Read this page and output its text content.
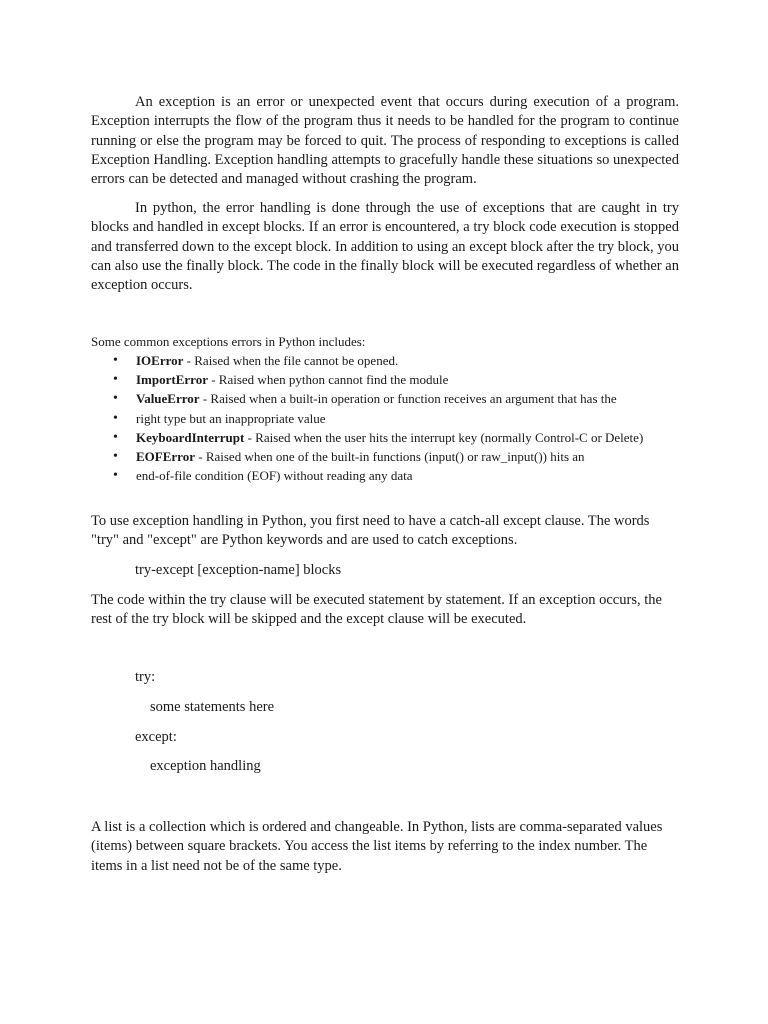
An exception is an error or unexpected event that occurs during execution of a program. Exception interrupts the flow of the program thus it needs to be handled for the program to continue running or else the program may be forced to quit. The process of responding to exceptions is called Exception Handling. Exception handling attempts to gracefully handle these situations so unexpected errors can be detected and managed without crashing the program.

In python, the error handling is done through the use of exceptions that are caught in try blocks and handled in except blocks. If an error is encountered, a try block code execution is stopped and transferred down to the except block. In addition to using an except block after the try block, you can also use the finally block. The code in the finally block will be executed regardless of whether an exception occurs.

Some common exceptions errors in Python includes:

• IOError - Raised when the file cannot be opened.
• ImportError - Raised when python cannot find the module
• ValueError - Raised when a built-in operation or function receives an argument that has the
• right type but an inappropriate value
• KeyboardInterrupt - Raised when the user hits the interrupt key (normally Control-C or Delete)
• EOFError - Raised when one of the built-in functions (input() or raw_input()) hits an
• end-of-file condition (EOF) without reading any data

To use exception handling in Python, you first need to have a catch-all except clause. The words "try" and "except" are Python keywords and are used to catch exceptions.

try-except [exception-name] blocks

The code within the try clause will be executed statement by statement. If an exception occurs, the rest of the try block will be skipped and the except clause will be executed.

try:

some statements here

except:

exception handling

A list is a collection which is ordered and changeable. In Python, lists are comma-separated values (items) between square brackets. You access the list items by referring to the index number. The items in a list need not be of the same type.
